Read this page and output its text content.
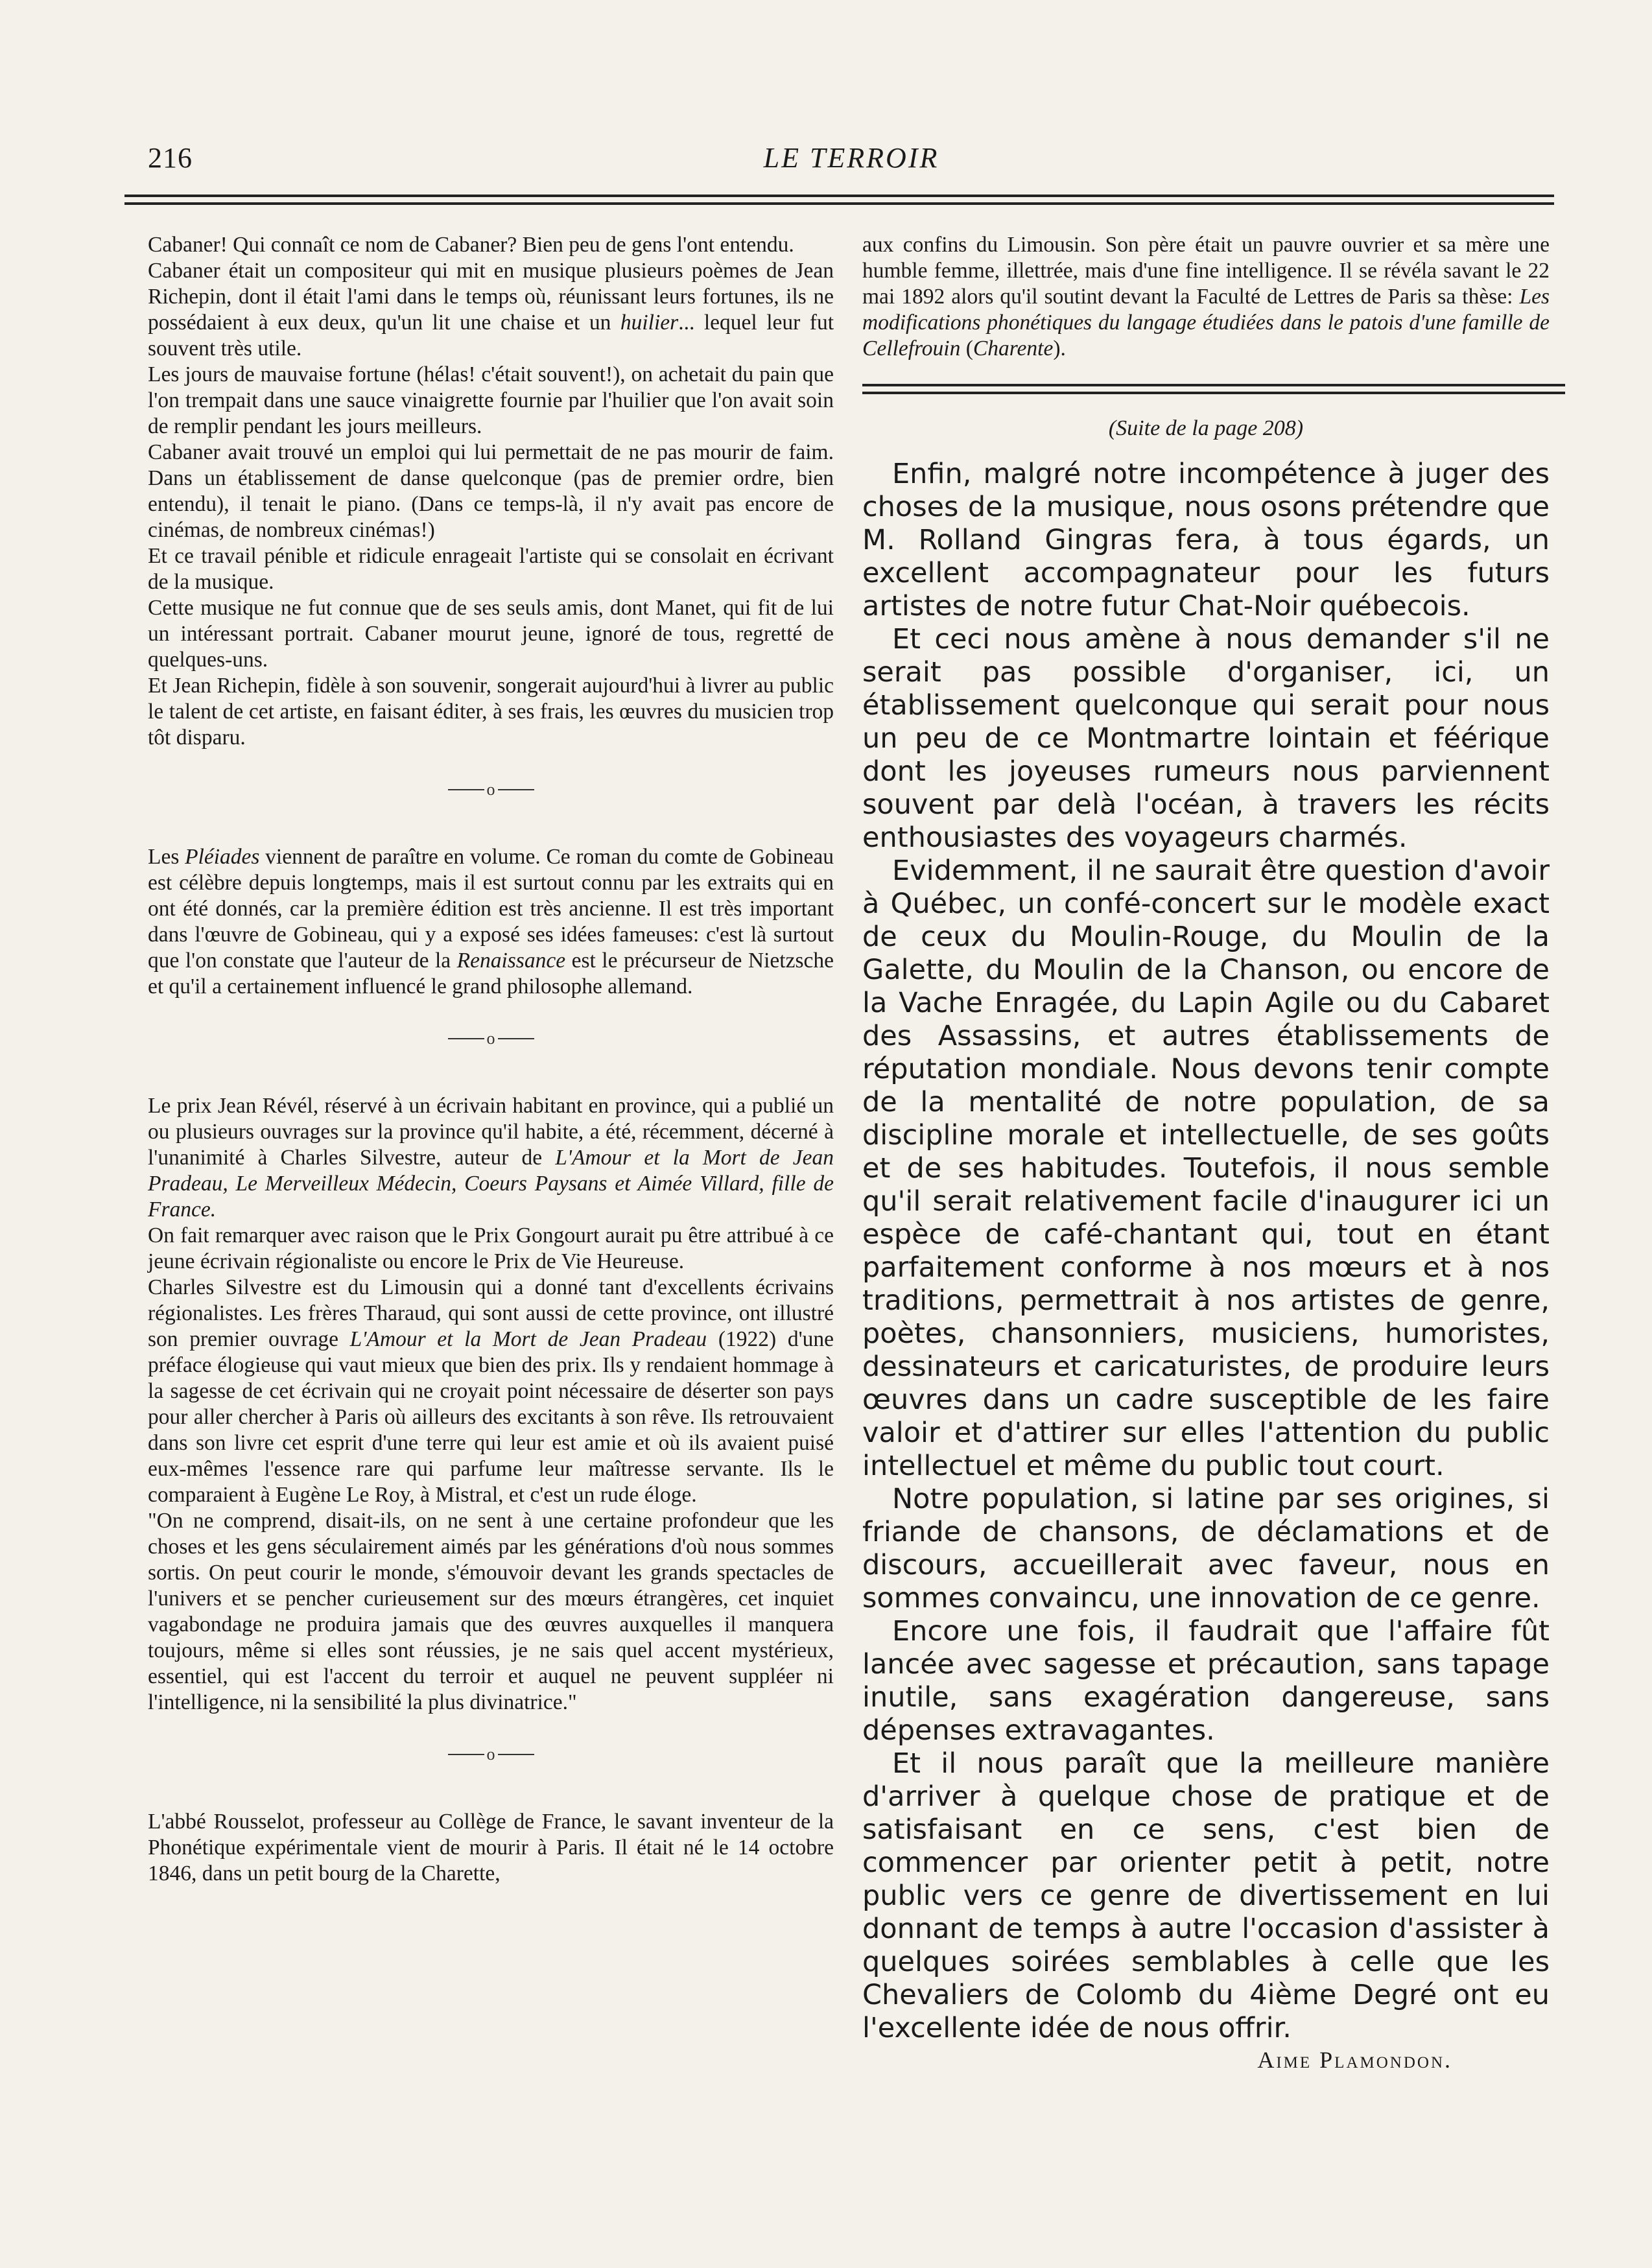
216	LE TERROIR

Cabaner! Qui connaît ce nom de Cabaner? Bien peu de gens l'ont entendu.

Cabaner était un compositeur qui mit en musique plusieurs poèmes de Jean Richepin, dont il était l'ami dans le temps où, réunissant leurs fortunes, ils ne possédaient à eux deux, qu'un lit une chaise et un huilier... lequel leur fut souvent très utile.

Les jours de mauvaise fortune (hélas! c'était souvent!), on achetait du pain que l'on trempait dans une sauce vinaigrette fournie par l'huilier que l'on avait soin de remplir pendant les jours meilleurs.

Cabaner avait trouvé un emploi qui lui permettait de ne pas mourir de faim. Dans un établissement de danse quelconque (pas de premier ordre, bien entendu), il tenait le piano. (Dans ce temps-là, il n'y avait pas encore de cinémas, de nombreux cinémas!)

Et ce travail pénible et ridicule enrageait l'artiste qui se consolait en écrivant de la musique.

Cette musique ne fut connue que de ses seuls amis, dont Manet, qui fit de lui un intéressant portrait. Cabaner mourut jeune, ignoré de tous, regretté de quelques-uns.

Et Jean Richepin, fidèle à son souvenir, songerait aujourd'hui à livrer au public le talent de cet artiste, en faisant éditer, à ses frais, les œuvres du musicien trop tôt disparu.

o

Les Pléiades viennent de paraître en volume. Ce roman du comte de Gobineau est célèbre depuis longtemps, mais il est surtout connu par les extraits qui en ont été donnés, car la première édition est très ancienne. Il est très important dans l'œuvre de Gobineau, qui y a exposé ses idées fameuses: c'est là surtout que l'on constate que l'auteur de la Renaissance est le précurseur de Nietzsche et qu'il a certainement influencé le grand philosophe allemand.

o

Le prix Jean Révél, réservé à un écrivain habitant en province, qui a publié un ou plusieurs ouvrages sur la province qu'il habite, a été, récemment, décerné à l'unanimité à Charles Silvestre, auteur de L'Amour et la Mort de Jean Pradeau, Le Merveilleux Médecin, Coeurs Paysans et Aimée Villard, fille de France.

On fait remarquer avec raison que le Prix Gongourt aurait pu être attribué à ce jeune écrivain régionaliste ou encore le Prix de Vie Heureuse.

Charles Silvestre est du Limousin qui a donné tant d'excellents écrivains régionalistes. Les frères Tharaud, qui sont aussi de cette province, ont illustré son premier ouvrage L'Amour et la Mort de Jean Pradeau (1922) d'une préface élogieuse qui vaut mieux que bien des prix. Ils y rendaient hommage à la sagesse de cet écrivain qui ne croyait point nécessaire de déserter son pays pour aller chercher à Paris où ailleurs des excitants à son rêve. Ils retrouvaient dans son livre cet esprit d'une terre qui leur est amie et où ils avaient puisé eux-mêmes l'essence rare qui parfume leur maîtresse servante. Ils le comparaient à Eugène Le Roy, à Mistral, et c'est un rude éloge.

"On ne comprend, disait-ils, on ne sent à une certaine profondeur que les choses et les gens séculairement aimés par les générations d'où nous sommes sortis. On peut courir le monde, s'émouvoir devant les grands spectacles de l'univers et se pencher curieusement sur des mœurs étrangères, cet inquiet vagabondage ne produira jamais que des œuvres auxquelles il manquera toujours, même si elles sont réussies, je ne sais quel accent mystérieux, essentiel, qui est l'accent du terroir et auquel ne peuvent suppléer ni l'intelligence, ni la sensibilité la plus divinatrice."

o

L'abbé Rousselot, professeur au Collège de France, le savant inventeur de la Phonétique expérimentale vient de mourir à Paris. Il était né le 14 octobre 1846, dans un petit bourg de la Charette,

aux confins du Limousin. Son père était un pauvre ouvrier et sa mère une humble femme, illettrée, mais d'une fine intelligence. Il se révéla savant le 22 mai 1892 alors qu'il soutint devant la Faculté de Lettres de Paris sa thèse: Les modifications phonétiques du langage étudiées dans le patois d'une famille de Cellefrouin (Charente).
(Suite de la page 208)

Enfin, malgré notre incompétence à juger des choses de la musique, nous osons prétendre que M. Rolland Gingras fera, à tous égards, un excellent accompagnateur pour les futurs artistes de notre futur Chat-Noir québecois.

Et ceci nous amène à nous demander s'il ne serait pas possible d'organiser, ici, un établissement quelconque qui serait pour nous un peu de ce Montmartre lointain et féérique dont les joyeuses rumeurs nous parviennent souvent par delà l'océan, à travers les récits enthousiastes des voyageurs charmés.

Evidemment, il ne saurait être question d'avoir à Québec, un confé-concert sur le modèle exact de ceux du Moulin-Rouge, du Moulin de la Galette, du Moulin de la Chanson, ou encore de la Vache Enragée, du Lapin Agile ou du Cabaret des Assassins, et autres établissements de réputation mondiale. Nous devons tenir compte de la mentalité de notre population, de sa discipline morale et intellectuelle, de ses goûts et de ses habitudes. Toutefois, il nous semble qu'il serait relativement facile d'inaugurer ici un espèce de café-chantant qui, tout en étant parfaitement conforme à nos mœurs et à nos traditions, permettrait à nos artistes de genre, poètes, chansonniers, musiciens, humoristes, dessinateurs et caricaturistes, de produire leurs œuvres dans un cadre susceptible de les faire valoir et d'attirer sur elles l'attention du public intellectuel et même du public tout court.

Notre population, si latine par ses origines, si friande de chansons, de déclamations et de discours, accueillerait avec faveur, nous en sommes convaincu, une innovation de ce genre.

Encore une fois, il faudrait que l'affaire fût lancée avec sagesse et précaution, sans tapage inutile, sans exagération dangereuse, sans dépenses extravagantes.

Et il nous paraît que la meilleure manière d'arriver à quelque chose de pratique et de satisfaisant en ce sens, c'est bien de commencer par orienter petit à petit, notre public vers ce genre de divertissement en lui donnant de temps à autre l'occasion d'assister à quelques soirées semblables à celle que les Chevaliers de Colomb du 4ième Degré ont eu l'excellente idée de nous offrir.

Aime Plamondon.
